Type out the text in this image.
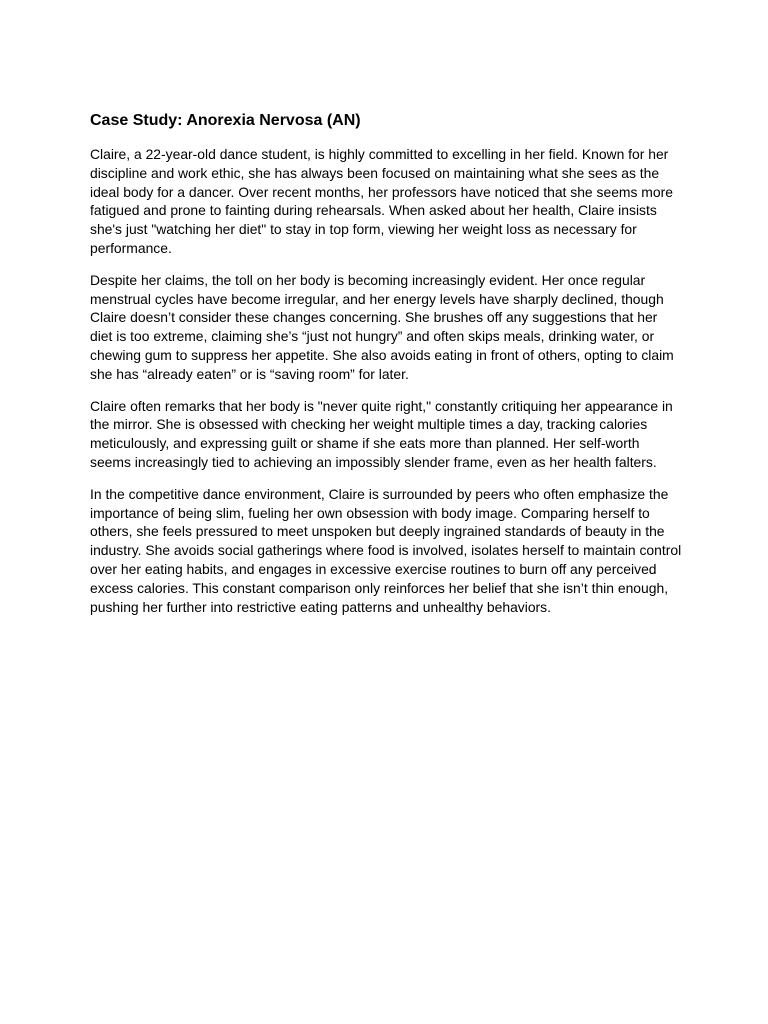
Case Study: Anorexia Nervosa (AN)

Claire, a 22-year-old dance student, is highly committed to excelling in her field. Known for her discipline and work ethic, she has always been focused on maintaining what she sees as the ideal body for a dancer. Over recent months, her professors have noticed that she seems more fatigued and prone to fainting during rehearsals. When asked about her health, Claire insists she's just "watching her diet" to stay in top form, viewing her weight loss as necessary for performance.

Despite her claims, the toll on her body is becoming increasingly evident. Her once regular menstrual cycles have become irregular, and her energy levels have sharply declined, though Claire doesn’t consider these changes concerning. She brushes off any suggestions that her diet is too extreme, claiming she’s “just not hungry” and often skips meals, drinking water, or chewing gum to suppress her appetite. She also avoids eating in front of others, opting to claim she has “already eaten” or is “saving room” for later.

Claire often remarks that her body is "never quite right," constantly critiquing her appearance in the mirror. She is obsessed with checking her weight multiple times a day, tracking calories meticulously, and expressing guilt or shame if she eats more than planned. Her self-worth seems increasingly tied to achieving an impossibly slender frame, even as her health falters.

In the competitive dance environment, Claire is surrounded by peers who often emphasize the importance of being slim, fueling her own obsession with body image. Comparing herself to others, she feels pressured to meet unspoken but deeply ingrained standards of beauty in the industry. She avoids social gatherings where food is involved, isolates herself to maintain control over her eating habits, and engages in excessive exercise routines to burn off any perceived excess calories. This constant comparison only reinforces her belief that she isn’t thin enough, pushing her further into restrictive eating patterns and unhealthy behaviors.
